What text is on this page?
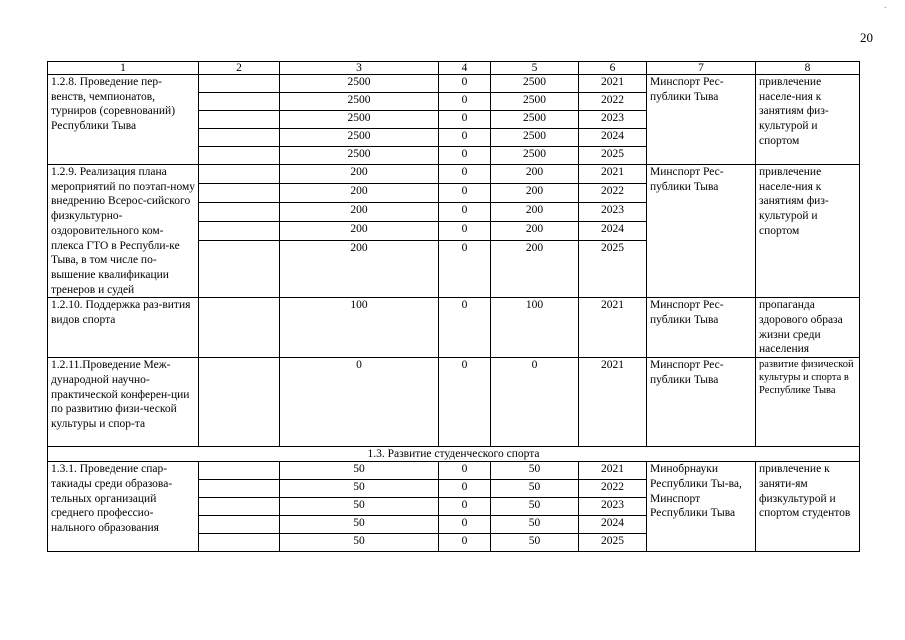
.
20
1	2	3	4	5	6	7	8
1.2.8. Проведение пер-венств, чемпионатов, турниров (соревнований) Республики Тыва		2500	0	2500	2021	Минспорт Рес-публики Тыва	привлечение населе-ния к занятиям физ-культурой и спортом
		2500	0	2500	2022		
		2500	0	2500	2023		
		2500	0	2500	2024		
		2500	0	2500	2025		
1.2.9. Реализация плана мероприятий по поэтап-ному внедрению Всерос-сийского физкультурно-оздоровительного ком-плекса ГТО в Республи-ке Тыва, в том числе по-вышение квалификации тренеров и судей		200	0	200	2021	Минспорт Рес-публики Тыва	привлечение населе-ния к занятиям физ-культурой и спортом
		200	0	200	2022		
		200	0	200	2023		
		200	0	200	2024		
		200	0	200	2025		
1.2.10. Поддержка раз-вития видов спорта		100	0	100	2021	Минспорт Рес-публики Тыва	пропаганда здорового образа жизни среди населения
1.2.11.Проведение Меж-дународной научно-практической конферен-ции по развитию физи-ческой культуры и спор-та		0	0	0	2021	Минспорт Рес-публики Тыва	развитие физической культуры и спорта в Республике Тыва
1.3. Развитие студенческого спорта							
1.3.1. Проведение спар-такиады среди образова-тельных организаций среднего профессио-нального образования		50	0	50	2021	Минобрнауки Республики Ты-ва, Минспорт Республики Тыва	привлечение к заняти-ям физкультурой и спортом студентов
		50	0	50	2022		
		50	0	50	2023		
		50	0	50	2024		
		50	0	50	2025		
